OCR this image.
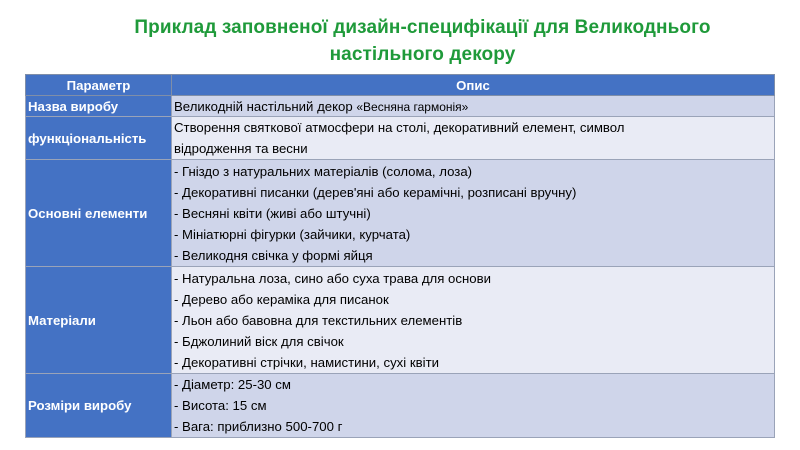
Приклад заповненої дизайн-специфікації для Великоднього
настільного декору
Параметр	Опис
Назва виробу	Великодній настільний декор «Весняна гармонія»
функціональність	Створення святкової атмосфери на столі, декоративний елемент, символ
відродження та весни

Основні елементи	- Гніздо з натуральних матеріалів (солома, лоза)
- Декоративні писанки (дерев'яні або керамічні, розписані вручну)
- Весняні квіти (живі або штучні)
- Мініатюрні фігурки (зайчики, курчата)
- Великодня свічка у формі яйця

Матеріали	- Натуральна лоза, сино або суха трава для основи
- Дерево або кераміка для писанок
- Льон або бавовна для текстильних елементів
- Бджолиний віск для свічок
- Декоративні стрічки, намистини, сухі квіти

Розміри виробу	- Діаметр: 25-30 см
- Висота: 15 см
- Вага: приблизно 500-700 г
